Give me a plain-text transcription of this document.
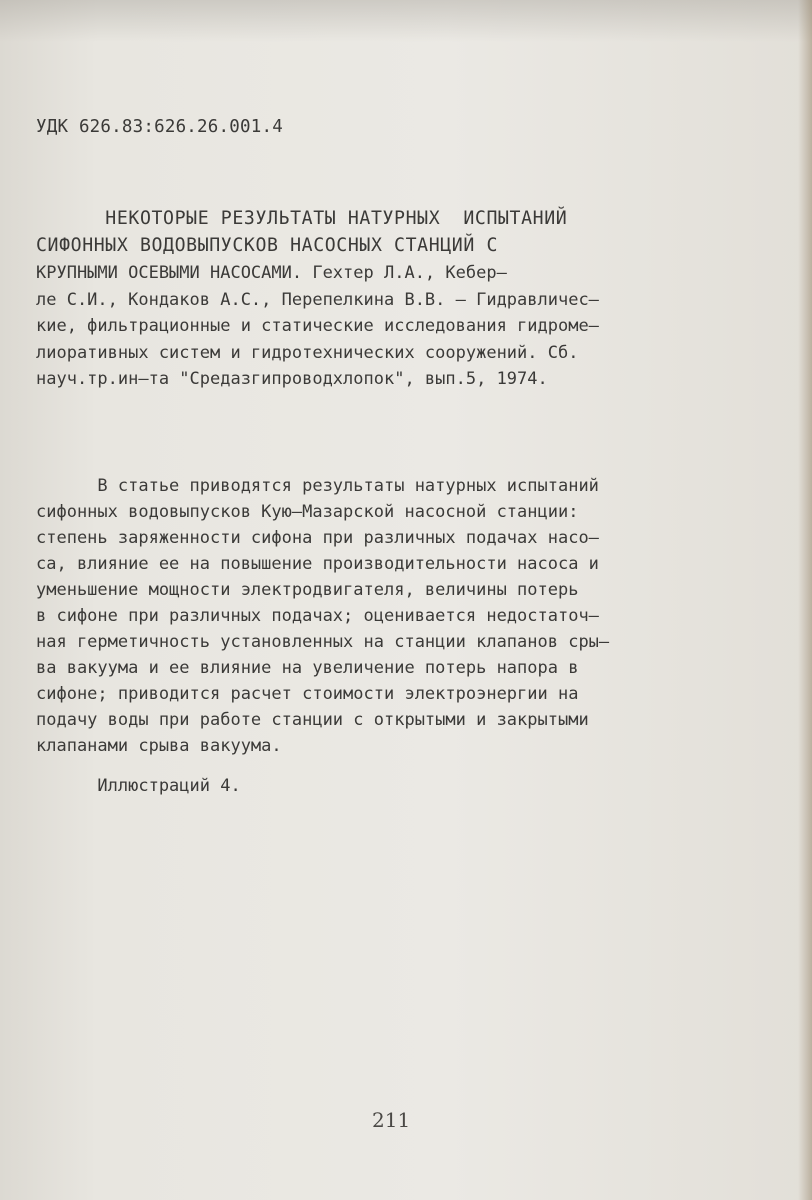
УДК 626.83:626.26.001.4
НЕКОТОРЫЕ РЕЗУЛЬТАТЫ НАТУРНЫХ  ИСПЫТАНИЙ
СИФОННЫХ ВОДОВЫПУСКОВ НАСОСНЫХ СТАНЦИЙ С
КРУПНЫМИ ОСЕВЫМИ НАСОСАМИ. Гехтер Л.А., Кебер–
ле С.И., Кондаков А.С., Перепелкина В.В. – Гидравличес–
кие, фильтрационные и статические исследования гидроме–
лиоративных систем и гидротехнических сооружений. Сб.
науч.тр.ин–та "Средазгипроводхлопок", вып.5, 1974.
В статье приводятся результаты натурных испытаний
сифонных водовыпусков Кую–Мазарской насосной станции:
степень заряженности сифона при различных подачах насо–
са, влияние ее на повышение производительности насоса и
уменьшение мощности электродвигателя, величины потерь
в сифоне при различных подачах; оценивается недостаточ–
ная герметичность установленных на станции клапанов сры–
ва вакуума и ее влияние на увеличение потерь напора в
сифоне; приводится расчет стоимости электроэнергии на
подачу воды при работе станции с открытыми и закрытыми
клапанами срыва вакуума.
Иллюстраций 4.
211
